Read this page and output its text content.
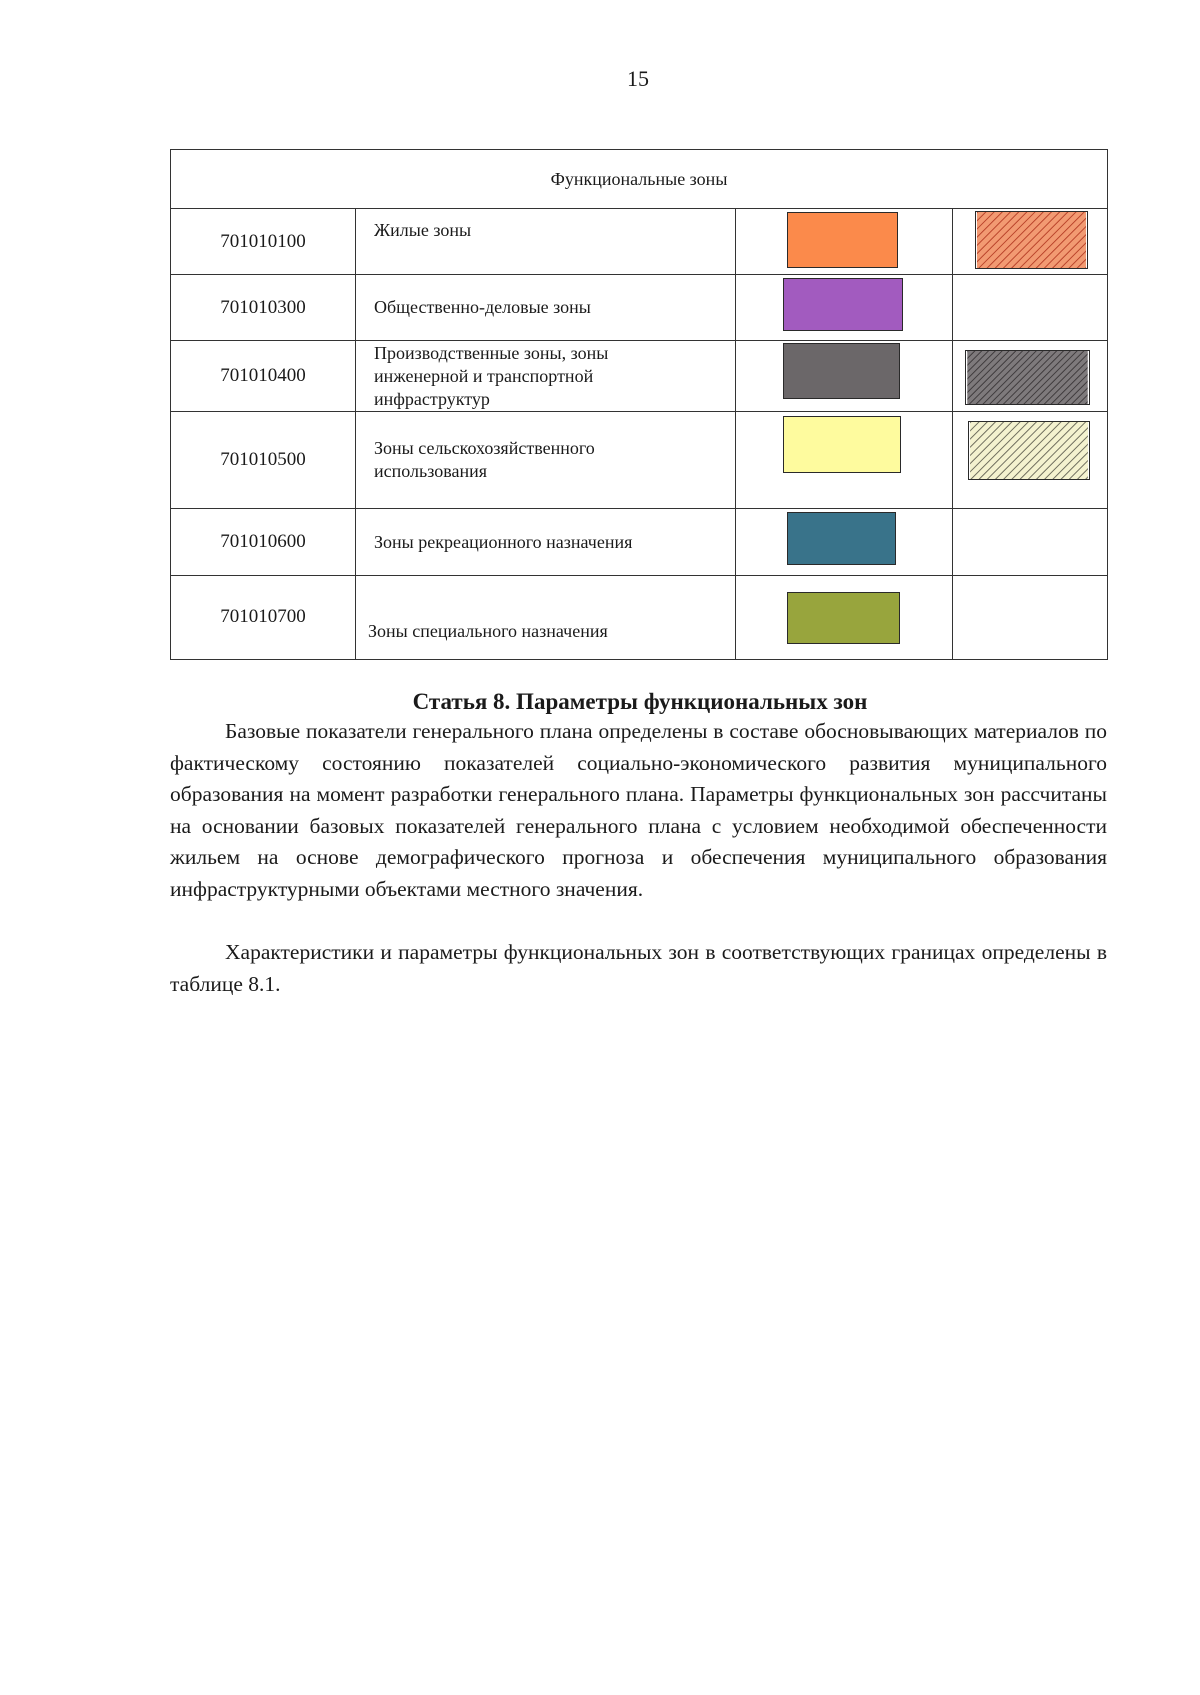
15
Функциональные зоны			
701010100	Жилые зоны	

701010300	Общественно-деловые зоны	

701010400	Производственные зоны, зоны инженерной и транспортной инфраструктур	

701010500	Зоны сельскохозяйственного использования	

701010600	Зоны рекреационного назначения	

701010700	Зоны специального назначения	

Статья 8. Параметры функциональных зон

Базовые показатели генерального плана определены в составе обосновывающих материалов по фактическому состоянию показателей социально-экономического развития муниципального образования на момент разработки генерального плана. Параметры функциональных зон рассчитаны на основании базовых показателей генерального плана с условием необходимой обеспеченности жильем на основе демографического прогноза и обеспечения муниципального образования инфраструктурными объектами местного значения.

Характеристики и параметры функциональных зон в соответствующих границах определены в таблице 8.1.
